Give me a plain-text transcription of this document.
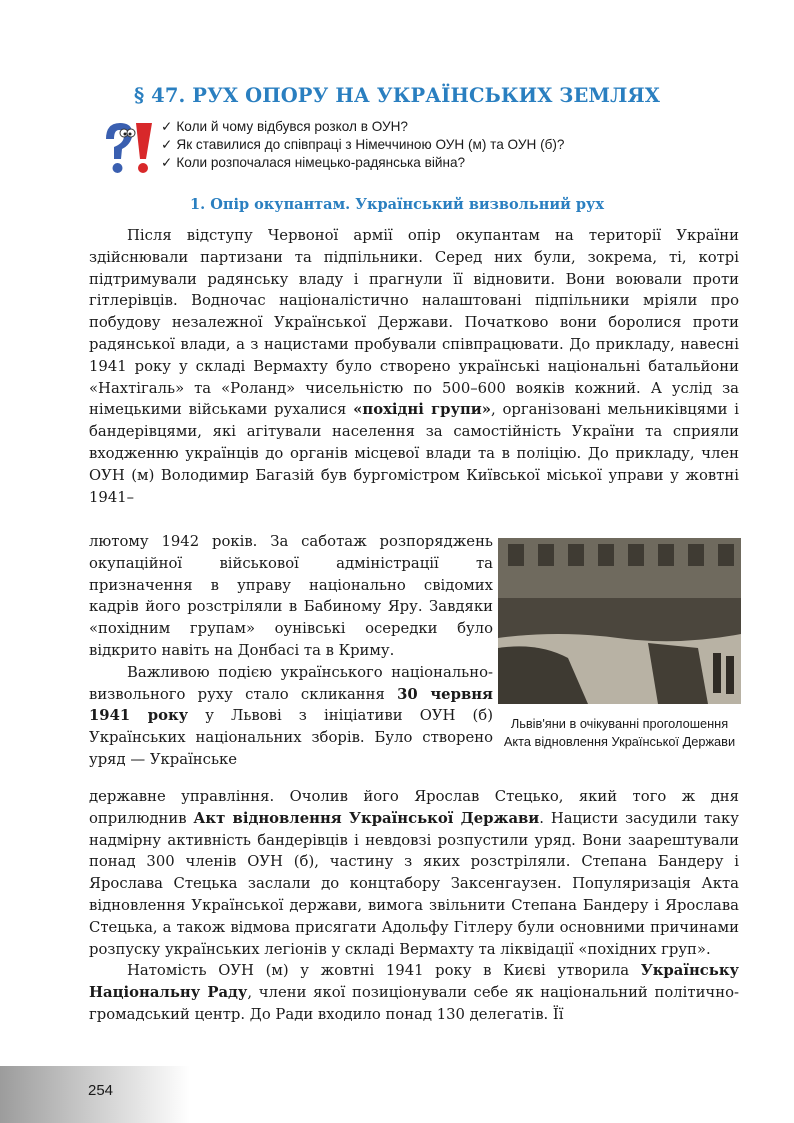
§ 47. РУХ ОПОРУ НА УКРАЇНСЬКИХ ЗЕМЛЯХ
✓ Коли й чому відбувся розкол в ОУН?
✓ Як ставилися до співпраці з Німеччиною ОУН (м) та ОУН (б)?
✓ Коли розпочалася німецько-радянська війна?
1. Опір окупантам. Український визвольний рух

Після відступу Червоної армії опір окупантам на території України здійснювали партизани та підпільники. Серед них були, зокрема, ті, котрі підтримували радянську владу і прагнули її відновити. Вони воювали проти гітлерівців. Водночас націоналістично налаштовані підпільники мріяли про побудову незалежної Української Держави. Початково вони боролися проти радянської влади, а з нацистами пробували співпрацювати. До прикладу, навесні 1941 року у складі Вермахту було створено українські національні батальйони «Нахтігаль» та «Роланд» чисельністю по 500–600 вояків кожний. А услід за німецькими військами рухалися «похідні групи», організовані мельниківцями і бандерівцями, які агітували населення за самостійність України та сприяли входженню українців до органів місцевої влади та в поліцію. До прикладу, член ОУН (м) Володимир Багазій був бургомістром Київської міської управи у жовтні 1941–

лютому 1942 років. За саботаж розпоряджень окупаційної військової адміністрації та призначення в управу національно свідомих кадрів його розстріляли в Бабиному Яру. Завдяки «похідним групам» оунівські осередки було відкрито навіть на Донбасі та в Криму.

Важливою подією українського національно-визвольного руху стало скликання 30 червня 1941 року у Львові з ініціативи ОУН (б) Українських національних зборів. Було створено уряд — Українське

Львів'яни в очікуванні проголошення Акта відновлення Української Держави

державне управління. Очолив його Ярослав Стецько, який того ж дня оприлюднив Акт відновлення Української Держави. Нацисти засудили таку надмірну активність бандерівців і невдовзі розпустили уряд. Вони заарештували понад 300 членів ОУН (б), частину з яких розстріляли. Степана Бандеру і Ярослава Стецька заслали до концтабору Заксенгаузен. Популяризація Акта відновлення Української держави, вимога звільнити Степана Бандеру і Ярослава Стецька, а також відмова присягати Адольфу Гітлеру були основними причинами розпуску українських легіонів у складі Вермахту та ліквідації «похідних груп».

Натомість ОУН (м) у жовтні 1941 року в Києві утворила Українську Національну Раду, члени якої позиціонували себе як національний політично-громадський центр. До Ради входило понад 130 делегатів. Її

254
